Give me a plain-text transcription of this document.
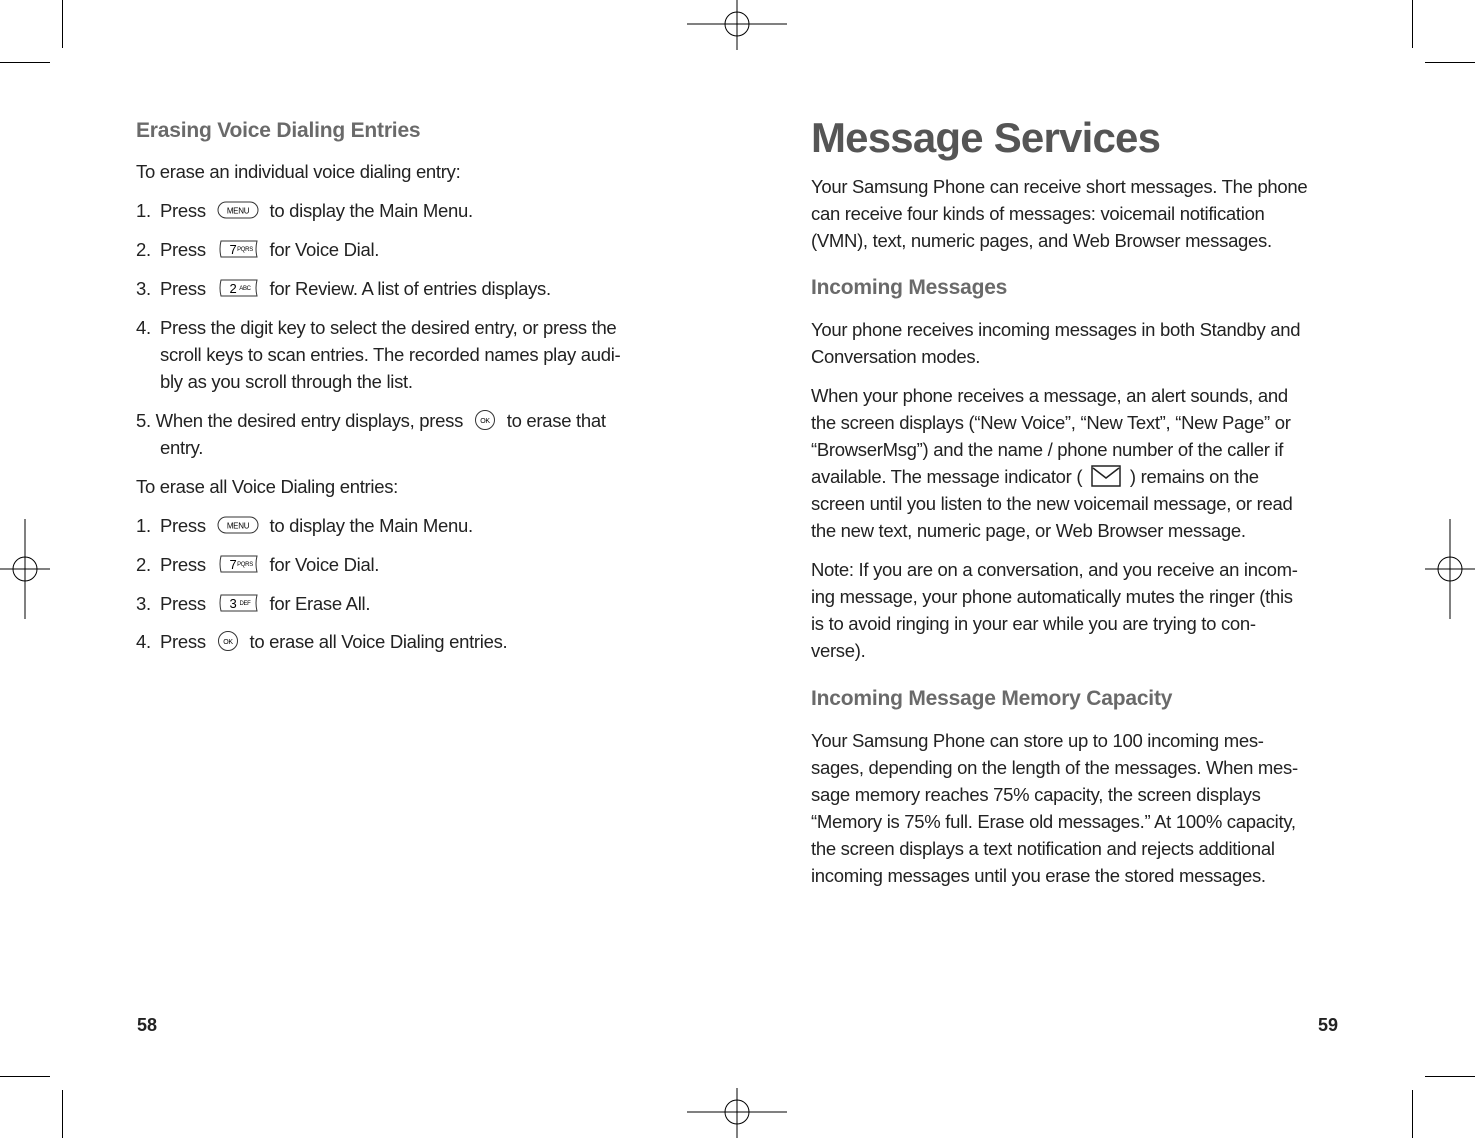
Erasing Voice Dialing Entries

To erase an individual voice dialing entry:

1. Press	MENU to display the Main Menu.
2. Press 7 PQRS for Voice Dial.
3. Press 2 ABC for Review. A list of entries displays.
4. Press the digit key to select the desired entry, or press the
scroll keys to scan entries. The recorded names play audi-
bly as you scroll through the list.
5. When the desired entry displays, press OK to erase that
entry.

To erase all Voice Dialing entries:

1. Press	MENU to display the Main Menu.
2. Press 7 PQRS for Voice Dial.
3. Press 3 DEF for Erase All.
4. Press OK to erase all Voice Dialing entries.
58
Message Services
Your Samsung Phone can receive short messages. The phone
can receive four kinds of messages: voicemail notification
(VMN), text, numeric pages, and Web Browser messages.
Incoming Messages
Your phone receives incoming messages in both Standby and
Conversation modes.
When your phone receives a message, an alert sounds, and
the screen displays (“New Voice”, “New Text”, “New Page” or
“BrowserMsg”) and the name / phone number of the caller if
available. The message indicator (	) remains on the
screen until you listen to the new voicemail message, or read
the new text, numeric page, or Web Browser message.
Note: If you are on a conversation, and you receive an incom-
ing message, your phone automatically mutes the ringer (this
is to avoid ringing in your ear while you are trying to con-
verse).
Incoming Message Memory Capacity
Your Samsung Phone can store up to 100 incoming mes-
sages, depending on the length of the messages. When mes-
sage memory reaches 75% capacity, the screen displays
“Memory is 75% full. Erase old messages.” At 100% capacity,
the screen displays a text notification and rejects additional
incoming messages until you erase the stored messages.
59
